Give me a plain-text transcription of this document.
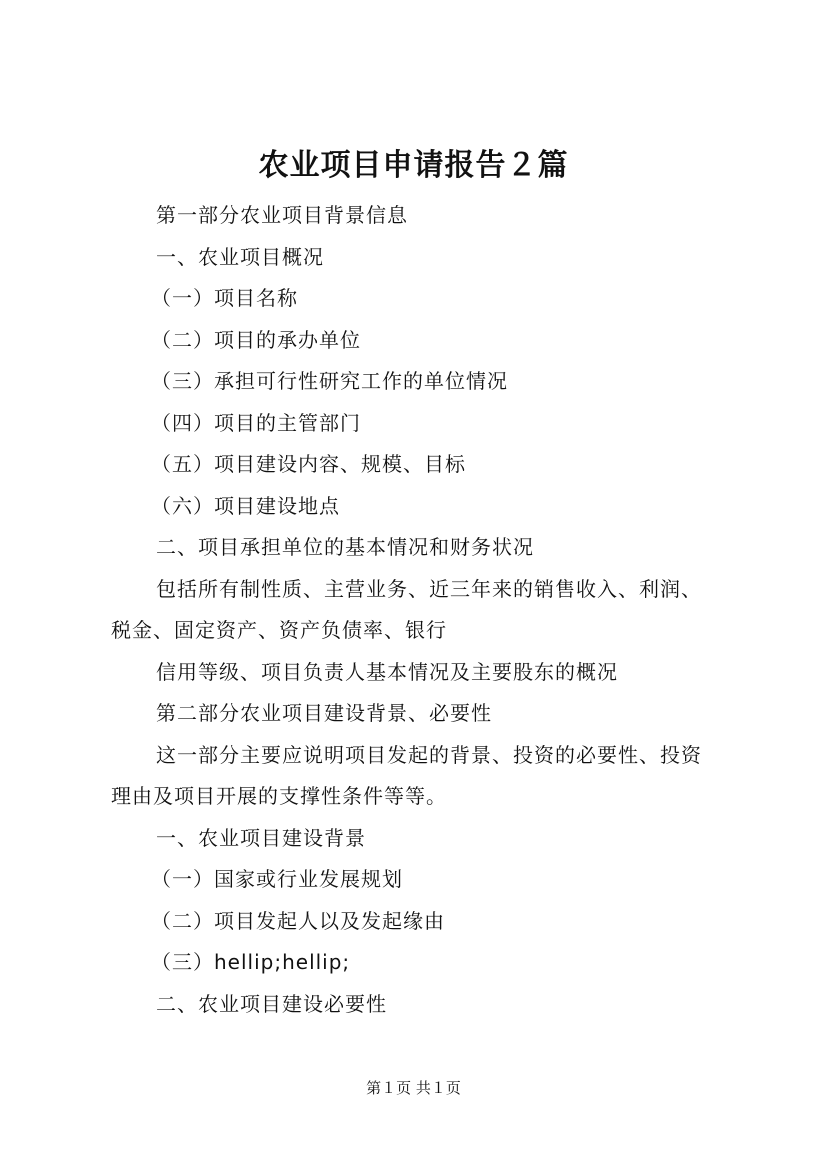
农业项目申请报告２篇

第一部分农业项目背景信息

一、农业项目概况

（一）项目名称

（二）项目的承办单位

（三）承担可行性研究工作的单位情况

（四）项目的主管部门

（五）项目建设内容、规模、目标

（六）项目建设地点

二、项目承担单位的基本情况和财务状况

包括所有制性质、主营业务、近三年来的销售收入、利润、

税金、固定资产、资产负债率、银行

信用等级、项目负责人基本情况及主要股东的概况

第二部分农业项目建设背景、必要性

这一部分主要应说明项目发起的背景、投资的必要性、投资

理由及项目开展的支撑性条件等等。

一、农业项目建设背景

（一）国家或行业发展规划

（二）项目发起人以及发起缘由

（三）hellip;hellip;

二、农业项目建设必要性

第１页 共１页
